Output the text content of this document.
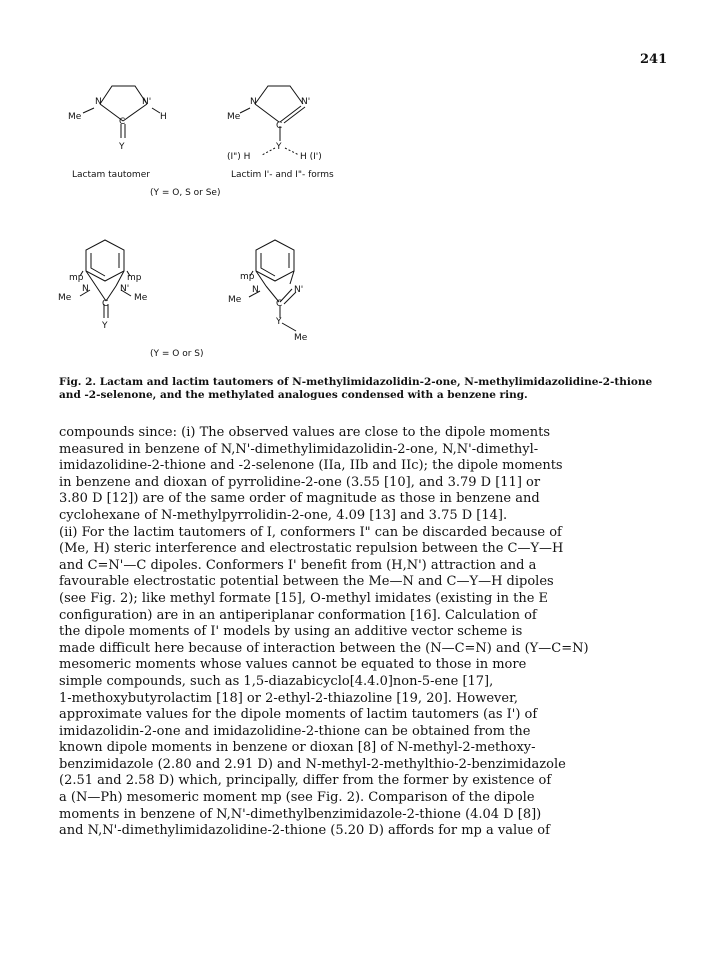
241
Me
N	N'
H
C
Y
Lactam tautomer
Me
N	N'
C
Y
(I") H	H (I')
Lactim I'- and I"- forms
(Y = O, S or Se)
mp	mp
Me
N	N'
Me
C
Y
mp
Me
N	N'
C
Y
Me
(Y = O or S)

Fig. 2. Lactam and lactim tautomers of N-methylimidazolidin-2-one, N-methylimidazolidine-2-thione and -2-selenone, and the methylated analogues condensed with a benzene ring.

compounds since: (i) The observed values are close to the dipole moments
measured in benzene of N,N'-dimethylimidazolidin-2-one, N,N'-dimethyl-
imidazolidine-2-thione and -2-selenone (IIa, IIb and IIc); the dipole moments
in benzene and dioxan of pyrrolidine-2-one (3.55 [10], and 3.79 D [11] or
3.80 D [12]) are of the same order of magnitude as those in benzene and
cyclohexane of N-methylpyrrolidin-2-one, 4.09 [13] and 3.75 D [14].
(ii) For the lactim tautomers of I, conformers I" can be discarded because of
(Me, H) steric interference and electrostatic repulsion between the C—Y—H
and C=N'—C dipoles. Conformers I' benefit from (H,N') attraction and a
favourable electrostatic potential between the Me—N and C—Y—H dipoles
(see Fig. 2); like methyl formate [15], O-methyl imidates (existing in the E
configuration) are in an antiperiplanar conformation [16]. Calculation of
the dipole moments of I' models by using an additive vector scheme is
made difficult here because of interaction between the (N—C=N) and (Y—C=N)
mesomeric moments whose values cannot be equated to those in more
simple compounds, such as 1,5-diazabicyclo[4.4.0]non-5-ene [17],
1-methoxybutyrolactim [18] or 2-ethyl-2-thiazoline [19, 20]. However,
approximate values for the dipole moments of lactim tautomers (as I') of
imidazolidin-2-one and imidazolidine-2-thione can be obtained from the
known dipole moments in benzene or dioxan [8] of N-methyl-2-methoxy-
benzimidazole (2.80 and 2.91 D) and N-methyl-2-methylthio-2-benzimidazole
(2.51 and 2.58 D) which, principally, differ from the former by existence of
a (N—Ph) mesomeric moment mp (see Fig. 2). Comparison of the dipole
moments in benzene of N,N'-dimethylbenzimidazole-2-thione (4.04 D [8])
and N,N'-dimethylimidazolidine-2-thione (5.20 D) affords for mp a value of
